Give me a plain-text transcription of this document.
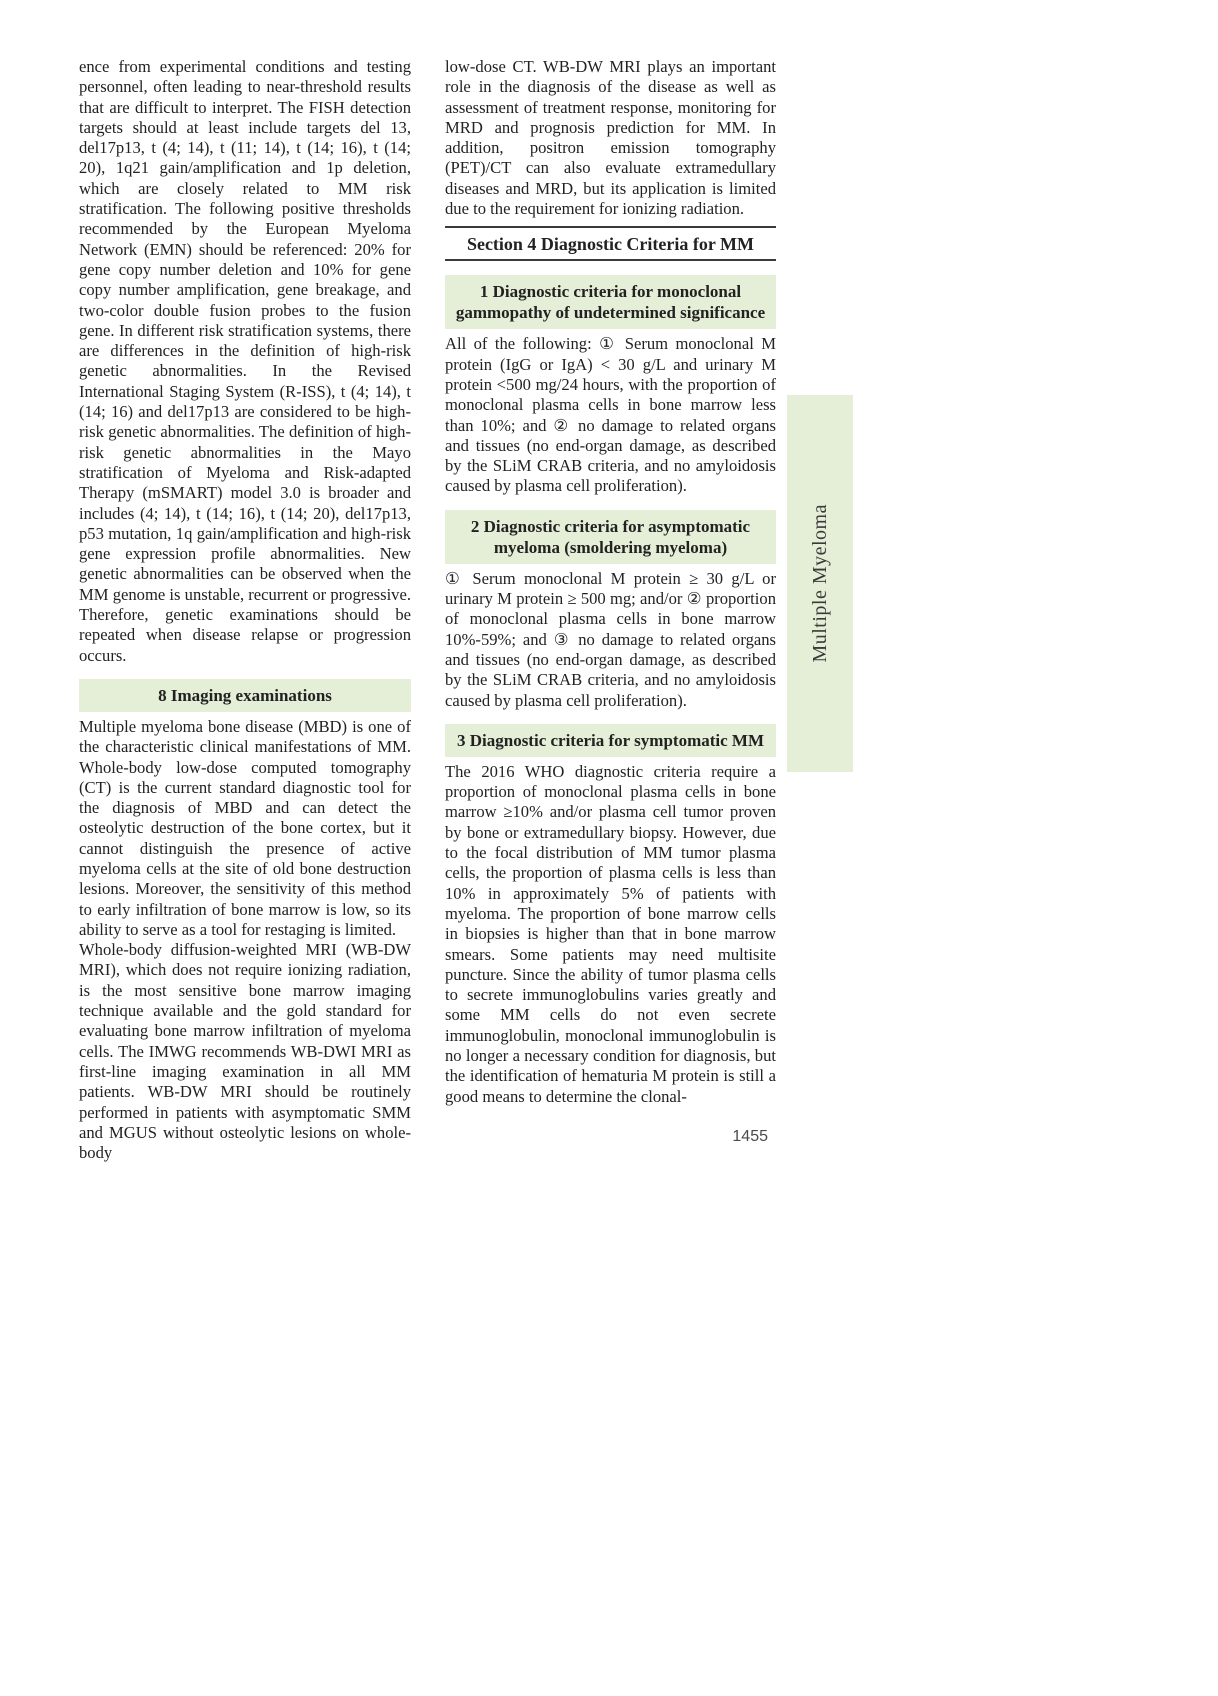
ence from experimental conditions and testing personnel, often leading to near-threshold results that are difficult to interpret. The FISH detection targets should at least include targets del 13, del17p13, t (4; 14), t (11; 14), t (14; 16), t (14; 20), 1q21 gain/amplification and 1p deletion, which are closely related to MM risk stratification. The following positive thresholds recommended by the European Myeloma Network (EMN) should be referenced: 20% for gene copy number deletion and 10% for gene copy number amplification, gene breakage, and two-color double fusion probes to the fusion gene. In different risk stratification systems, there are differences in the definition of high-risk genetic abnormalities. In the Revised International Staging System (R-ISS), t (4; 14), t (14; 16) and del17p13 are considered to be high-risk genetic abnormalities. The definition of high-risk genetic abnormalities in the Mayo stratification of Myeloma and Risk-adapted Therapy (mSMART) model 3.0 is broader and includes (4; 14), t (14; 16), t (14; 20), del17p13, p53 mutation, 1q gain/amplification and high-risk gene expression profile abnormalities. New genetic abnormalities can be observed when the MM genome is unstable, recurrent or progressive. Therefore, genetic examinations should be repeated when disease relapse or progression occurs.

8 Imaging examinations

Multiple myeloma bone disease (MBD) is one of the characteristic clinical manifestations of MM. Whole-body low-dose computed tomography (CT) is the current standard diagnostic tool for the diagnosis of MBD and can detect the osteolytic destruction of the bone cortex, but it cannot distinguish the presence of active myeloma cells at the site of old bone destruction lesions. Moreover, the sensitivity of this method to early infiltration of bone marrow is low, so its ability to serve as a tool for restaging is limited.

Whole-body diffusion-weighted MRI (WB-DW MRI), which does not require ionizing radiation, is the most sensitive bone marrow imaging technique available and the gold standard for evaluating bone marrow infiltration of myeloma cells. The IMWG recommends WB-DWI MRI as first-line imaging examination in all MM patients. WB-DW MRI should be routinely performed in patients with asymptomatic SMM and MGUS without osteolytic lesions on whole-body

low-dose CT. WB-DW MRI plays an important role in the diagnosis of the disease as well as assessment of treatment response, monitoring for MRD and prognosis prediction for MM. In addition, positron emission tomography (PET)/CT can also evaluate extramedullary diseases and MRD, but its application is limited due to the requirement for ionizing radiation.

Section 4 Diagnostic Criteria for MM
1 Diagnostic criteria for monoclonal gammopathy of undetermined significance

All of the following: ① Serum monoclonal M protein (IgG or IgA) < 30 g/L and urinary M protein <500 mg/24 hours, with the proportion of monoclonal plasma cells in bone marrow less than 10%; and ② no damage to related organs and tissues (no end-organ damage, as described by the SLiM CRAB criteria, and no amyloidosis caused by plasma cell proliferation).

2 Diagnostic criteria for asymptomatic myeloma (smoldering myeloma)

① Serum monoclonal M protein ≥ 30 g/L or urinary M protein ≥ 500 mg; and/or ② proportion of monoclonal plasma cells in bone marrow 10%-59%; and ③ no damage to related organs and tissues (no end-organ damage, as described by the SLiM CRAB criteria, and no amyloidosis caused by plasma cell proliferation).

3 Diagnostic criteria for symptomatic MM

The 2016 WHO diagnostic criteria require a proportion of monoclonal plasma cells in bone marrow ≥10% and/or plasma cell tumor proven by bone or extramedullary biopsy. However, due to the focal distribution of MM tumor plasma cells, the proportion of plasma cells is less than 10% in approximately 5% of patients with myeloma. The proportion of bone marrow cells in biopsies is higher than that in bone marrow smears. Some patients may need multisite puncture. Since the ability of tumor plasma cells to secrete immunoglobulins varies greatly and some MM cells do not even secrete immunoglobulin, monoclonal immunoglobulin is no longer a necessary condition for diagnosis, but the identification of hematuria M protein is still a good means to determine the clonal-

Multiple Myeloma
1455
